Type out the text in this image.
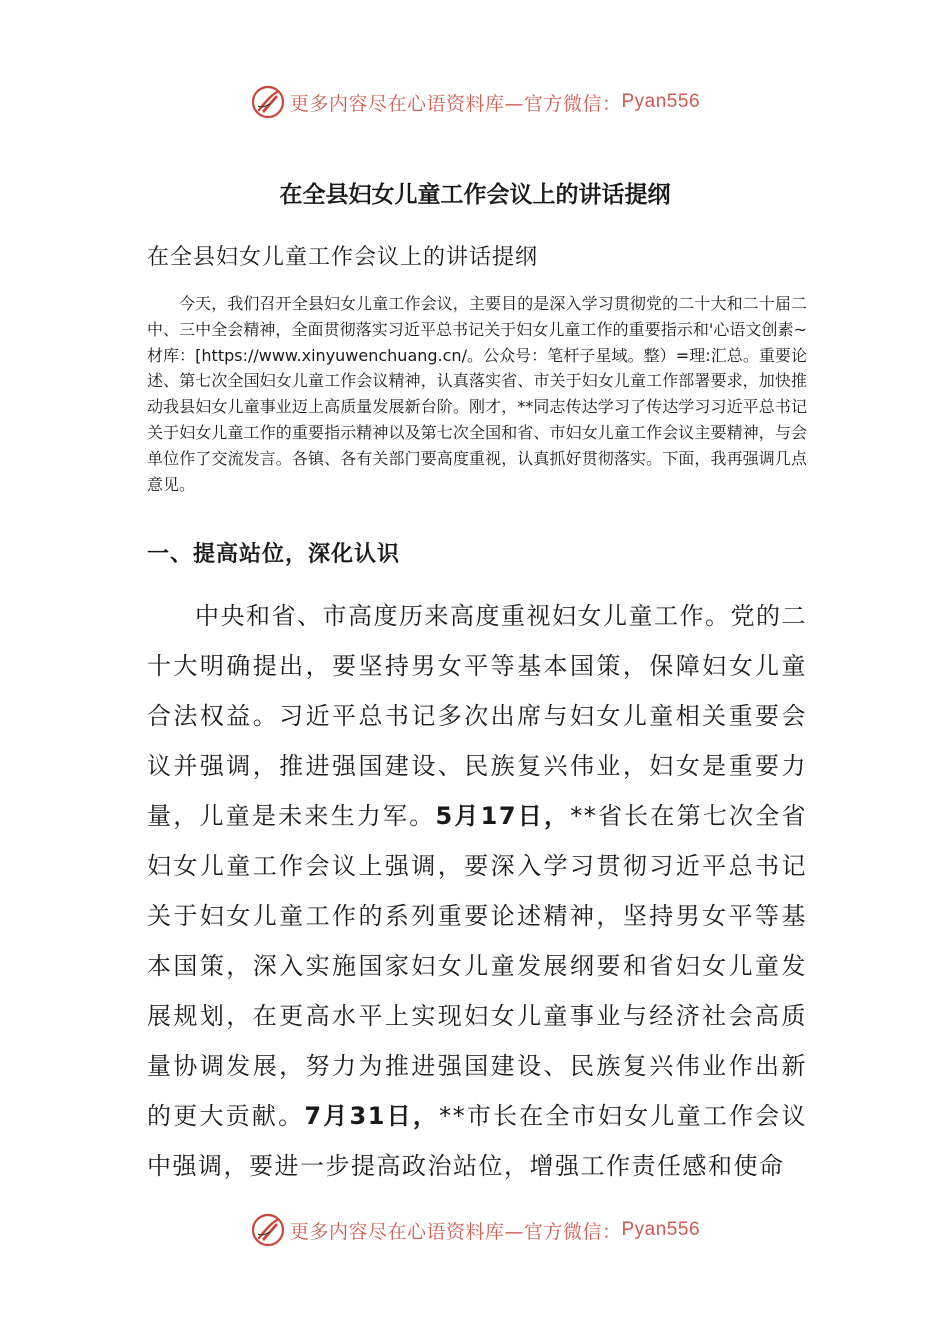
更多内容尽在心语资料库—官方微信： Pyan556
在全县妇女儿童工作会议上的讲话提纲
在全县妇女儿童工作会议上的讲话提纲

今天，我们召开全县妇女儿童工作会议，主要目的是深入学习贯彻党的二十大和二十届二中、三中全会精神，全面贯彻落实习近平总书记关于妇女儿童工作的重要指示和'心语文创素~材库：[https://www.xinyuwenchuang.cn/。公众号：笔杆子星域。整）=理:汇总。重要论述、第七次全国妇女儿童工作会议精神，认真落实省、市关于妇女儿童工作部署要求，加快推动我县妇女儿童事业迈上高质量发展新台阶。刚才，**同志传达学习了传达学习习近平总书记关于妇女儿童工作的重要指示精神以及第七次全国和省、市妇女儿童工作会议主要精神，与会单位作了交流发言。各镇、各有关部门要高度重视，认真抓好贯彻落实。下面，我再强调几点意见。

一、提高站位，深化认识

中央和省、市高度历来高度重视妇女儿童工作。党的二十大明确提出，要坚持男女平等基本国策，保障妇女儿童合法权益。习近平总书记多次出席与妇女儿童相关重要会议并强调，推进强国建设、民族复兴伟业，妇女是重要力量，儿童是未来生力军。5月17日，**省长在第七次全省妇女儿童工作会议上强调，要深入学习贯彻习近平总书记关于妇女儿童工作的系列重要论述精神，坚持男女平等基本国策，深入实施国家妇女儿童发展纲要和省妇女儿童发展规划，在更高水平上实现妇女儿童事业与经济社会高质量协调发展，努力为推进强国建设、民族复兴伟业作出新的更大贡献。7月31日，**市长在全市妇女儿童工作会议中强调，要进一步提高政治站位，增强工作责任感和使命

更多内容尽在心语资料库—官方微信： Pyan556
